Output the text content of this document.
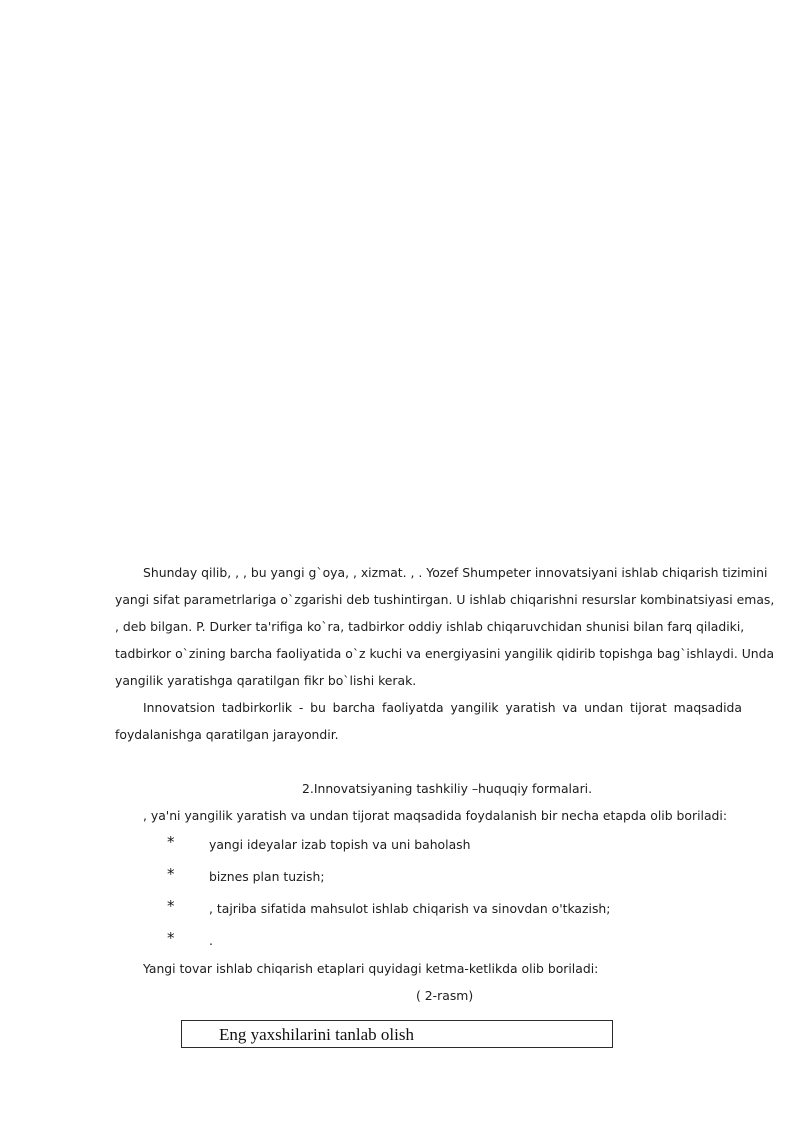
Shunday qilib, , , bu yangi g`oya, , xizmat. , . Yozef Shumpeter innovatsiyani ishlab chiqarish tizimini
yangi sifat parametrlariga o`zgarishi deb tushintirgan. U ishlab chiqarishni resurslar kombinatsiyasi emas,
, deb bilgan. P. Durker ta'rifiga ko`ra, tadbirkor oddiy ishlab chiqaruvchidan shunisi bilan farq qiladiki,
tadbirkor o`zining barcha faoliyatida o`z kuchi va energiyasini yangilik qidirib topishga bag`ishlaydi. Unda
yangilik yaratishga qaratilgan fikr bo`lishi kerak.

Innovatsion tadbirkorlik - bu barcha faoliyatda yangilik yaratish va undan tijorat maqsadida
foydalanishga qaratilgan jarayondir.

2.Innovatsiyaning tashkiliy –huquqiy formalari.

, ya'ni yangilik yaratish va undan tijorat maqsadida foydalanish bir necha etapda olib boriladi:

*	yangi ideyalar izab topish va uni baholash
*	biznes plan tuzish;
*	, tajriba sifatida mahsulot ishlab chiqarish va sinovdan o'tkazish;
*	.

Yangi tovar ishlab chiqarish etaplari quyidagi ketma-ketlikda olib boriladi:

( 2-rasm)

Eng yaxshilarini tanlab olish
